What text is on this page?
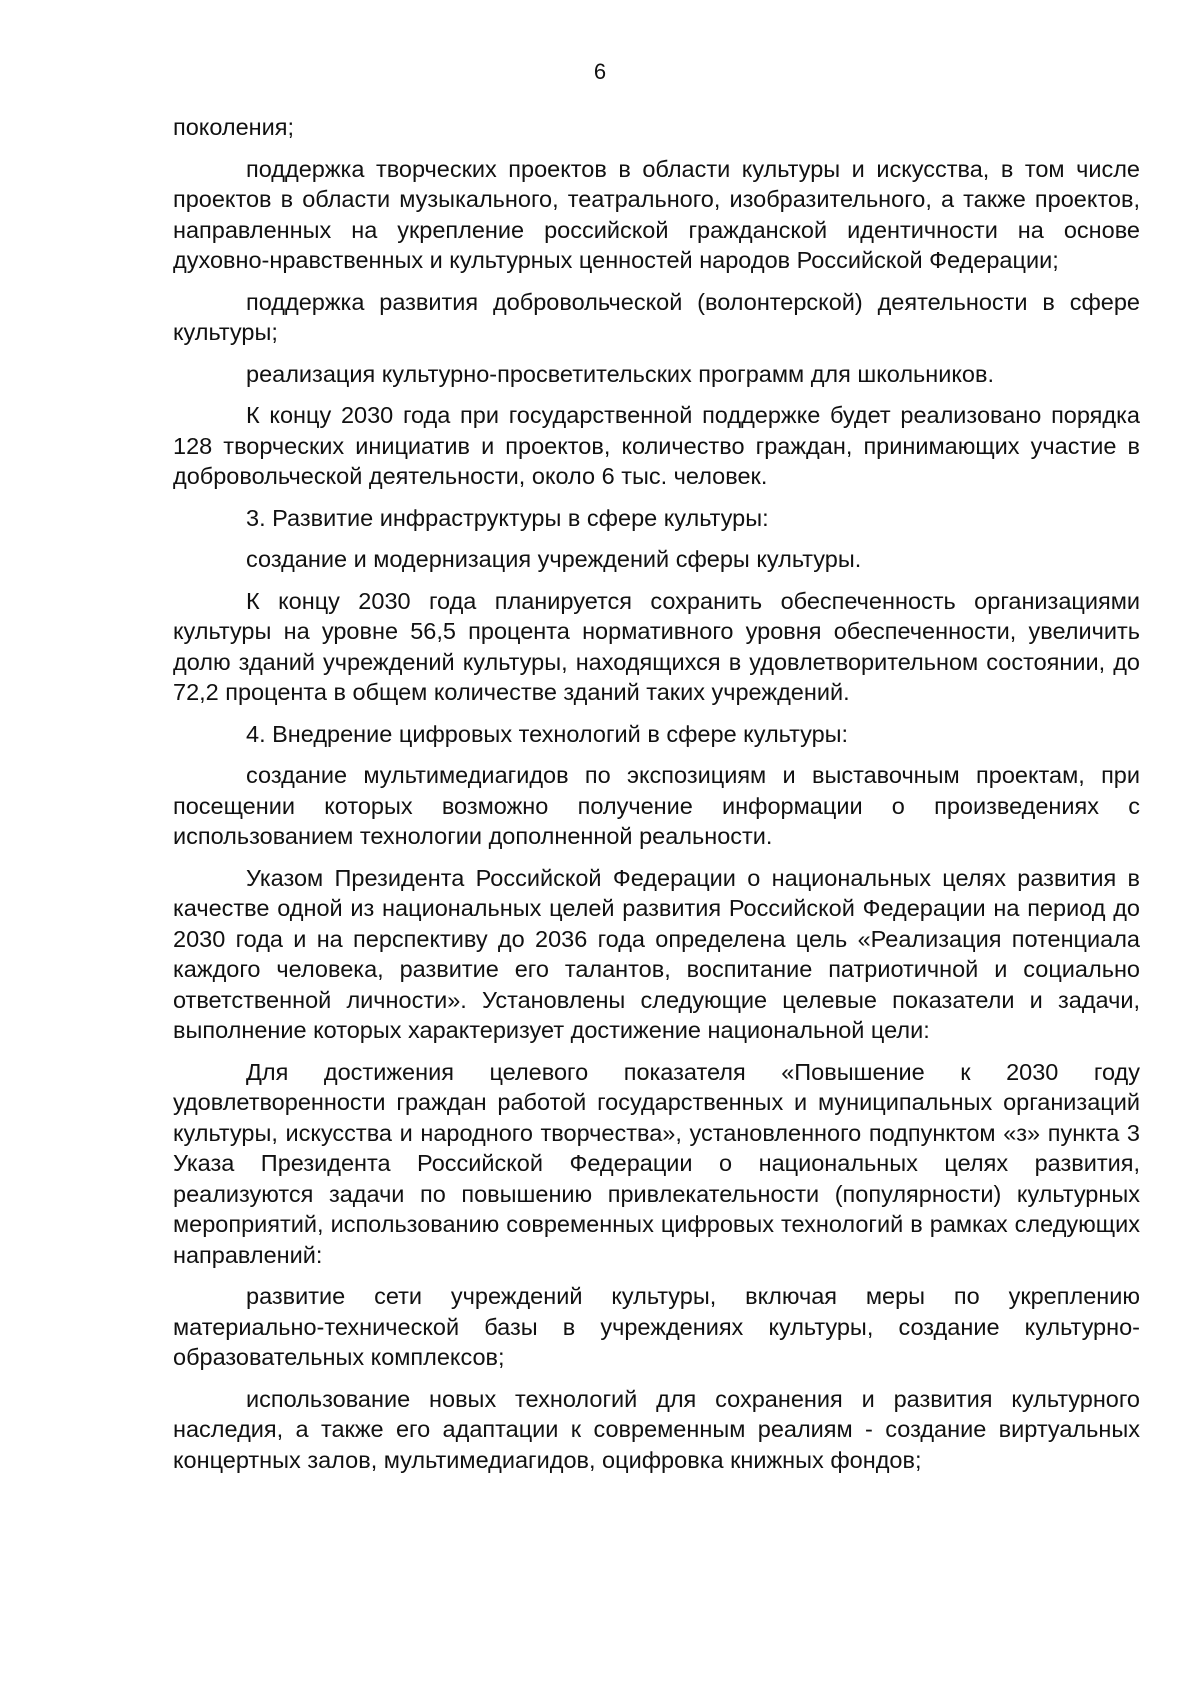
6

поколения;

поддержка творческих проектов в области культуры и искусства, в том числе проектов в области музыкального, театрального, изобразительного, а также проектов, направленных на укрепление российской гражданской идентичности на основе духовно-нравственных и культурных ценностей народов Российской Федерации;

поддержка развития добровольческой (волонтерской) деятельности в сфере культуры;

реализация культурно-просветительских программ для школьников.

К концу 2030 года при государственной поддержке будет реализовано порядка 128 творческих инициатив и проектов, количество граждан, принимающих участие в добровольческой деятельности, около 6 тыс. человек.

3. Развитие инфраструктуры в сфере культуры:

создание и модернизация учреждений сферы культуры.

К концу 2030 года планируется сохранить обеспеченность организациями культуры на уровне 56,5 процента нормативного уровня обеспеченности, увеличить долю зданий учреждений культуры, находящихся в удовлетворительном состоянии, до 72,2 процента в общем количестве зданий таких учреждений.

4. Внедрение цифровых технологий в сфере культуры:

создание мультимедиагидов по экспозициям и выставочным проектам, при посещении которых возможно получение информации о произведениях с использованием технологии дополненной реальности.

Указом Президента Российской Федерации о национальных целях развития в качестве одной из национальных целей развития Российской Федерации на период до 2030 года и на перспективу до 2036 года определена цель «Реализация потенциала каждого человека, развитие его талантов, воспитание патриотичной и социально ответственной личности». Установлены следующие целевые показатели и задачи, выполнение которых характеризует достижение национальной цели:

Для достижения целевого показателя «Повышение к 2030 году удовлетворенности граждан работой государственных и муниципальных организаций культуры, искусства и народного творчества», установленного подпунктом «з» пункта 3 Указа Президента Российской Федерации о национальных целях развития, реализуются задачи по повышению привлекательности (популярности) культурных мероприятий, использованию современных цифровых технологий в рамках следующих направлений:

развитие сети учреждений культуры, включая меры по укреплению материально-технической базы в учреждениях культуры, создание культурно-образовательных комплексов;

использование новых технологий для сохранения и развития культурного наследия, а также его адаптации к современным реалиям - создание виртуальных концертных залов, мультимедиагидов, оцифровка книжных фондов;
